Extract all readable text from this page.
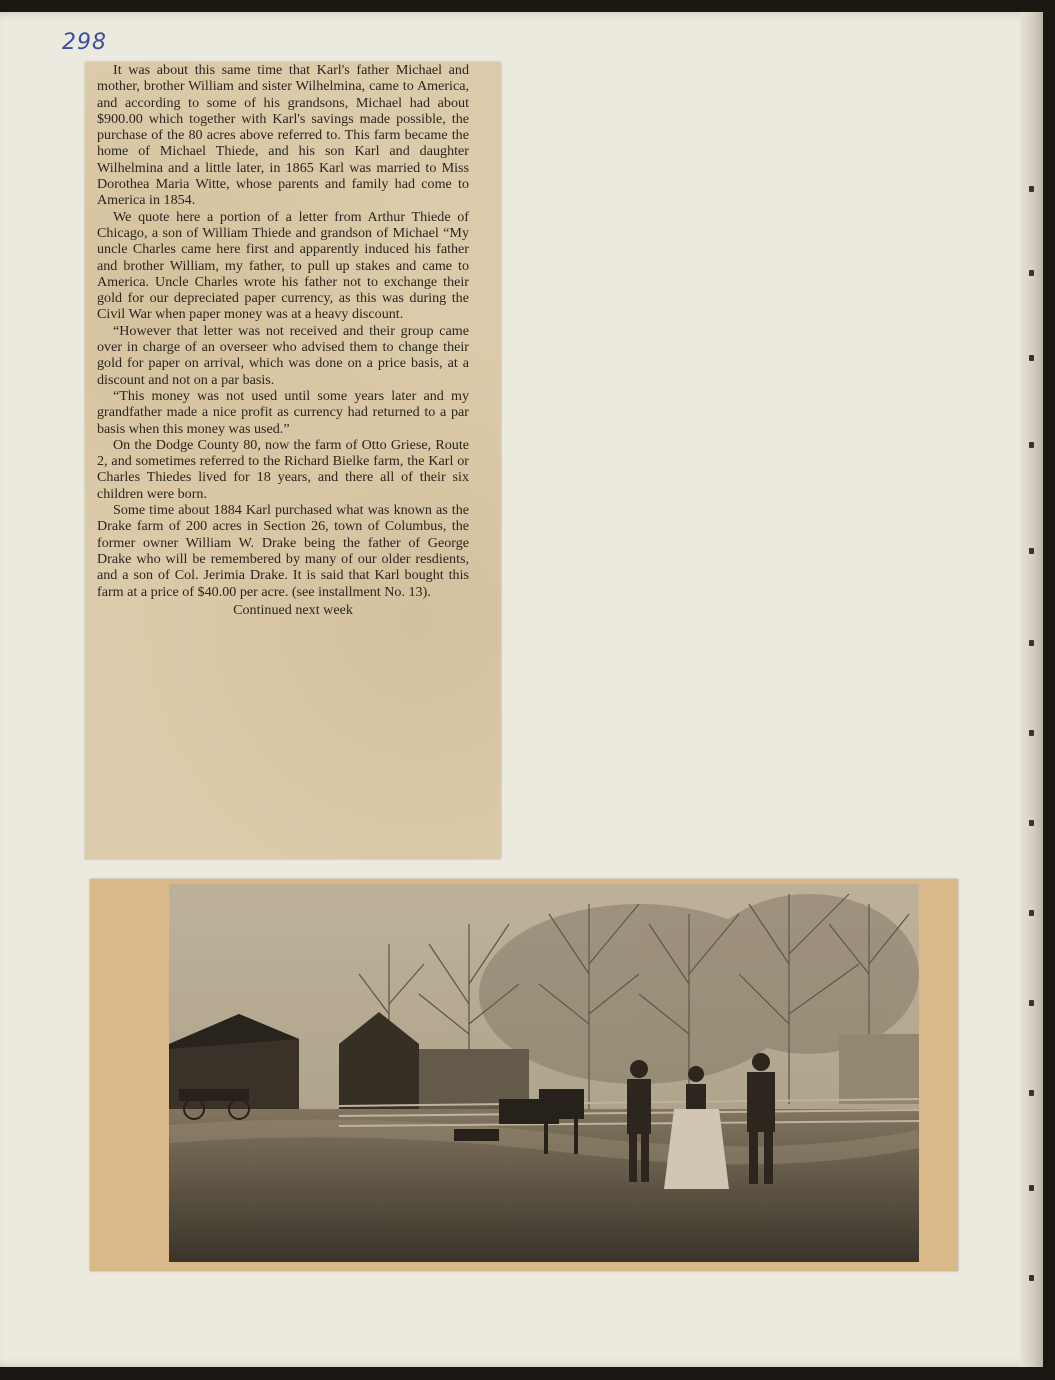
298

It was about this same time that Karl's father Michael and mother, brother William and sister Wilhelmina, came to America, and according to some of his grandsons, Michael had about $900.00 which together with Karl's savings made possible, the purchase of the 80 acres above referred to. This farm became the home of Michael Thiede, and his son Karl and daughter Wilhelmina and a little later, in 1865 Karl was married to Miss Dorothea Maria Witte, whose parents and family had come to America in 1854.

We quote here a portion of a letter from Arthur Thiede of Chicago, a son of William Thiede and grandson of Michael “My uncle Charles came here first and apparently induced his father and brother William, my father, to pull up stakes and came to America. Uncle Charles wrote his father not to exchange their gold for our depreciated paper currency, as this was during the Civil War when paper money was at a heavy discount.

“However that letter was not received and their group came over in charge of an overseer who advised them to change their gold for paper on arrival, which was done on a price basis, at a discount and not on a par basis.

“This money was not used until some years later and my grandfather made a nice profit as currency had returned to a par basis when this money was used.”

On the Dodge County 80, now the farm of Otto Griese, Route 2, and sometimes referred to the Richard Bielke farm, the Karl or Charles Thiedes lived for 18 years, and there all of their six children were born.

Some time about 1884 Karl purchased what was known as the Drake farm of 200 acres in Section 26, town of Columbus, the former owner William W. Drake being the father of George Drake who will be remembered by many of our older resdients, and a son of Col. Jerimia Drake. It is said that Karl bought this farm at a price of $40.00 per acre. (see installment No. 13).

Continued next week
